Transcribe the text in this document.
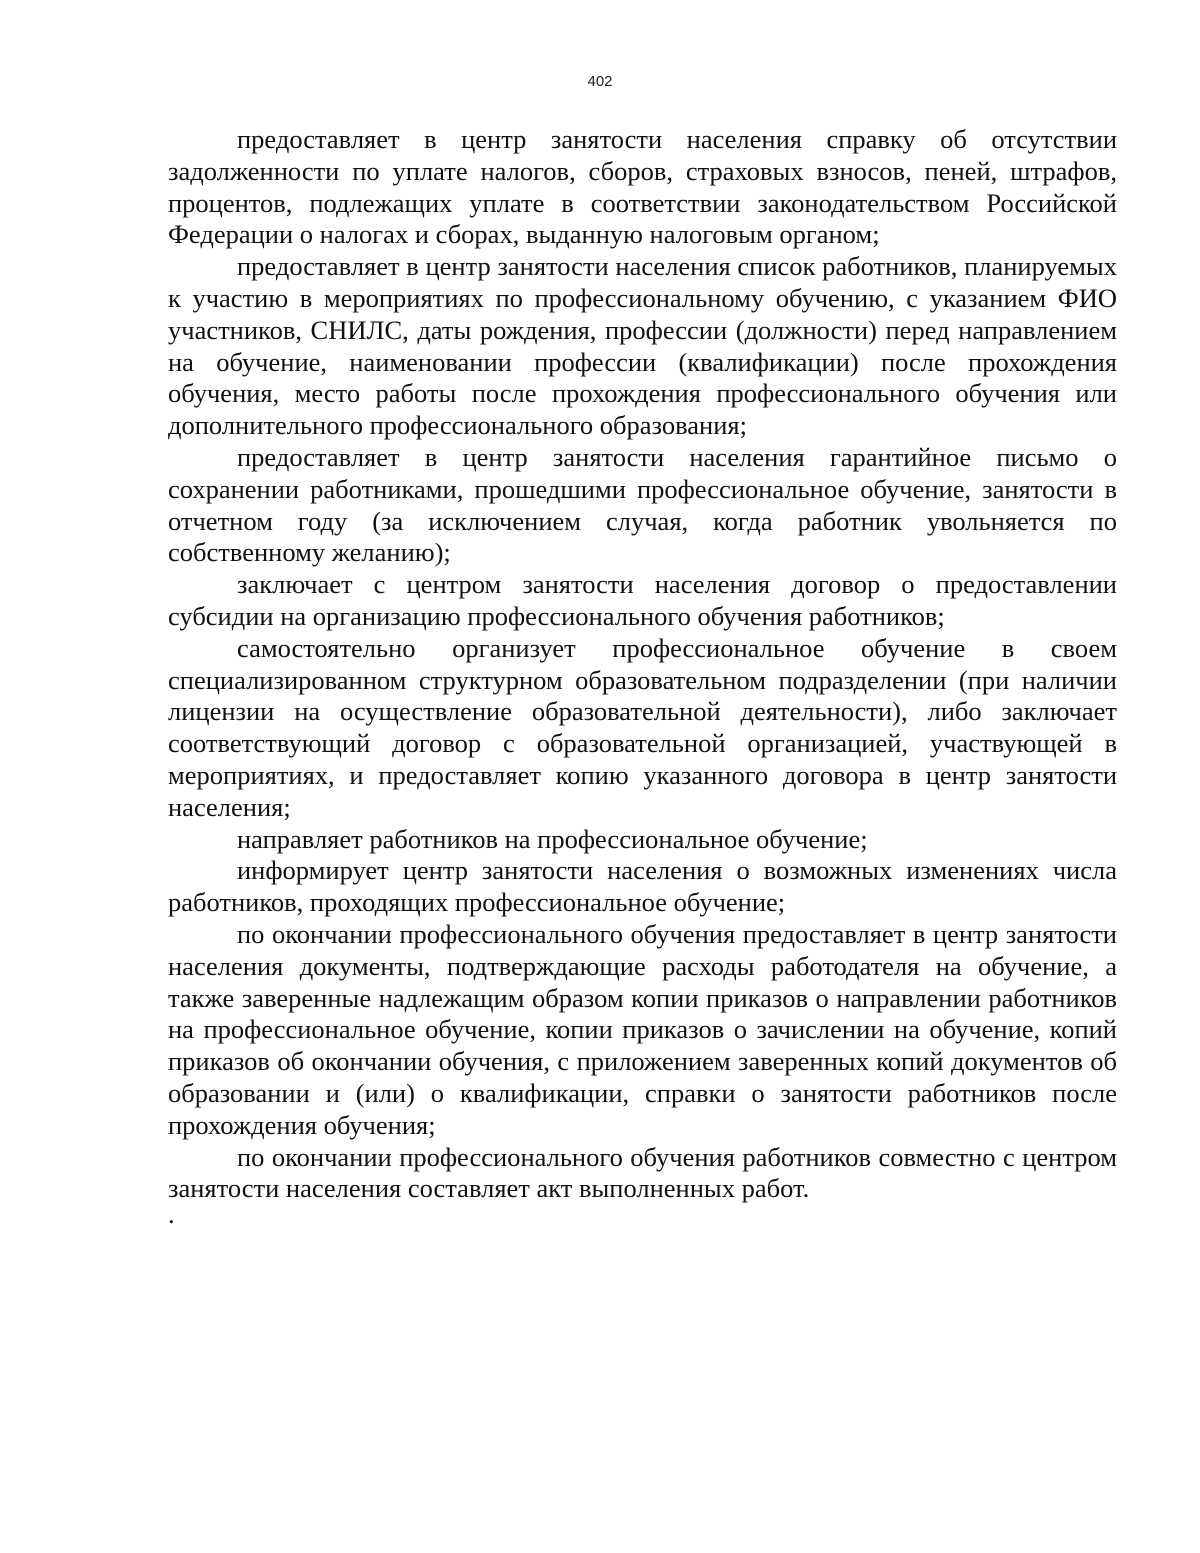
402

предоставляет в центр занятости населения справку об отсутствии задолженности по уплате налогов, сборов, страховых взносов, пеней, штрафов, процентов, подлежащих уплате в соответствии законодательством Российской Федерации о налогах и сборах, выданную налоговым органом;

предоставляет в центр занятости населения список работников, планируемых к участию в мероприятиях по профессиональному обучению, с указанием ФИО участников, СНИЛС, даты рождения, профессии (должности) перед направлением на обучение, наименовании профессии (квалификации) после прохождения обучения, место работы после прохождения профессионального обучения или дополнительного профессионального образования;

предоставляет в центр занятости населения гарантийное письмо о сохранении работниками, прошедшими профессиональное обучение, занятости в отчетном году (за исключением случая, когда работник увольняется по собственному желанию);

заключает с центром занятости населения договор о предоставлении субсидии на организацию профессионального обучения работников;

самостоятельно организует профессиональное обучение в своем специализированном структурном образовательном подразделении (при наличии лицензии на осуществление образовательной деятельности), либо заключает соответствующий договор с образовательной организацией, участвующей в мероприятиях, и предоставляет копию указанного договора в центр занятости населения;

направляет работников на профессиональное обучение;

информирует центр занятости населения о возможных изменениях числа работников, проходящих профессиональное обучение;

по окончании профессионального обучения предоставляет в центр занятости населения документы, подтверждающие расходы работодателя на обучение, а также заверенные надлежащим образом копии приказов о направлении работников на профессиональное обучение, копии приказов о зачислении на обучение, копий приказов об окончании обучения, с приложением заверенных копий документов об образовании и (или) о квалификации, справки о занятости работников после прохождения обучения;

по окончании профессионального обучения работников совместно с центром занятости населения составляет акт выполненных работ.

.
